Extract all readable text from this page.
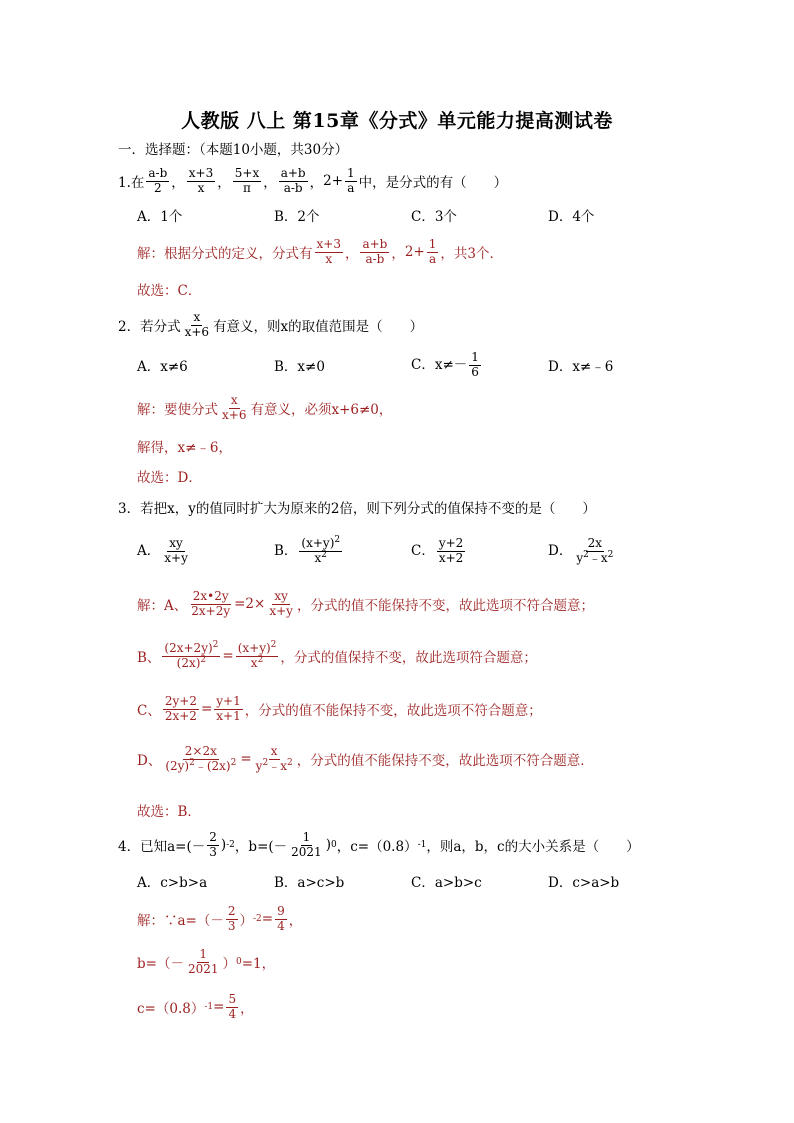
人教版 八上 第15章《分式》单元能力提高测试卷
一．选择题：（本题10小题，共30分）
1.在 $\frac{a-b}{2}$ ， $\frac{x+3}{x}$ ， $\frac{5+x}{\pi}$ ， $\frac{a+b}{a-b}$ ， $2+ \frac{1}{a}$ 中，是分式的有（　　）
A．1个	B．2个	C．3个	D．4个
解：根据分式的定义，分式有 $\frac{x+3}{x}$ ， $\frac{a+b}{a-b}$ ， $2+ \frac{1}{a}$ ，共3个．
故选：C．
2．若分式 $\frac{x}{x+6}$ 有意义，则x的取值范围是（　　）
A．x≠6	B．x≠0	C．$x\ne- \frac{1}{6}$	D．x≠﹣6
解：要使分式 $\frac{x}{x+6}$ 有意义，必须x+6≠0，
解得，x≠﹣6，
故选：D．
3．若把x，y的值同时扩大为原来的2倍，则下列分式的值保持不变的是（　　）
A． $\frac{xy}{x+y}$	B． $\frac{(x+y)^2}{x^2}$	C． $\frac{y+2}{x+2}$	D． $\frac{2x}{y^2﹣x^2}$
解：A、 $\frac{2x•2y}{2x+2y} =2\times \frac{xy}{x+y}$ ，分式的值不能保持不变，故此选项不符合题意；
B、 $\frac{(2x+2y)^2}{(2x)^2} = \frac{(x+y)^2}{x^2}$ ，分式的值保持不变，故此选项符合题意；
C、 $\frac{2y+2}{2x+2} = \frac{y+1}{x+1}$ ，分式的值不能保持不变，故此选项不符合题意；
D、 $\frac{2\times 2x}{(2y)^2﹣(2x)^2} = \frac{x}{y^2﹣x^2}$ ，分式的值不能保持不变，故此选项不符合题意．
故选：B．
4．已知$a=(- \frac{2}{3}$ ) -2 ，$b=(- \frac{1}{2021}$ ) 0 ，c=（0.8） -1 ，则a，b，c的大小关系是（　　）
A．c>b>a	B．a>c>b	C．a>b>c	D．c>a>b
解：∵a=（－ $\frac{2}{3}$ ） $-2 = \frac{9}{4}$ ，
$b=(- \frac{1}{2021}$ ） 0 =1，
c=（0.8） $-1 = \frac{5}{4}$ ，
